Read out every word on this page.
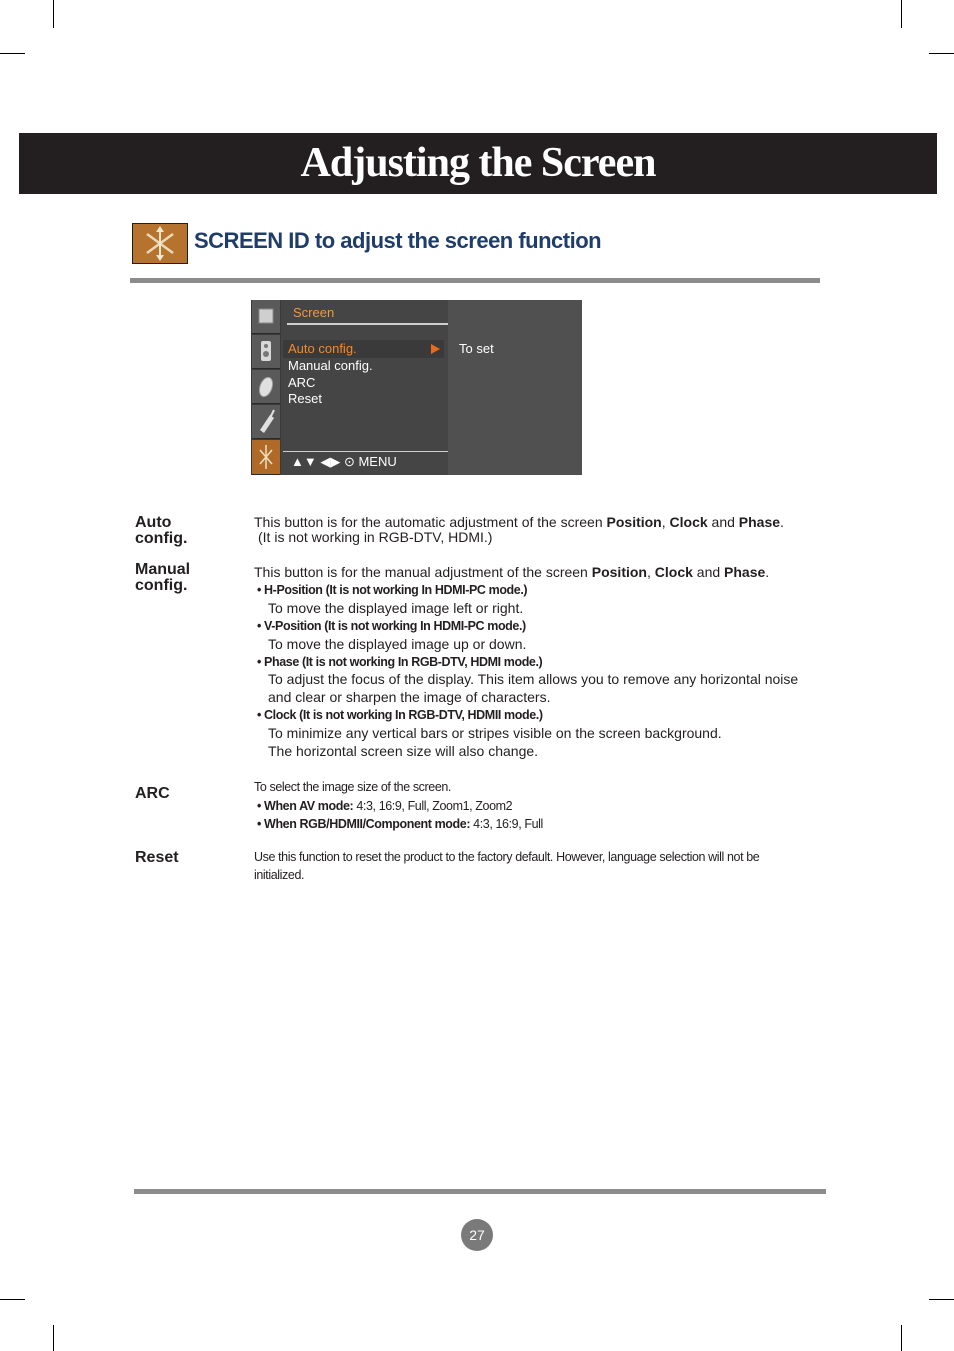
Adjusting the Screen
SCREEN ID to adjust the screen function
Screen
Auto config.
Manual config.
ARC
Reset
▲▼ ◀▶ ⊙ MENU
To set
Auto
config.
This button is for the automatic adjustment of the screen Position, Clock and Phase.
(It is not working in RGB-DTV, HDMI.)
Manual
config.
This button is for the manual adjustment of the screen Position, Clock and Phase.
• H-Position (It is not working In HDMI-PC mode.)
To move the displayed image left or right.
• V-Position (It is not working In HDMI-PC mode.)
To move the displayed image up or down.
• Phase (It is not working In RGB-DTV, HDMI mode.)
To adjust the focus of the display. This item allows you to remove any horizontal noise
and clear or sharpen the image of characters.
• Clock (It is not working In RGB-DTV, HDMII mode.)
To minimize any vertical bars or stripes visible on the screen background.
The horizontal screen size will also change.
ARC	To select the image size of the screen.
• When AV mode: 4:3, 16:9, Full, Zoom1, Zoom2
• When RGB/HDMII/Component mode: 4:3, 16:9, Full
Reset	Use this function to reset the product to the factory default. However, language selection will not be
initialized.
27
